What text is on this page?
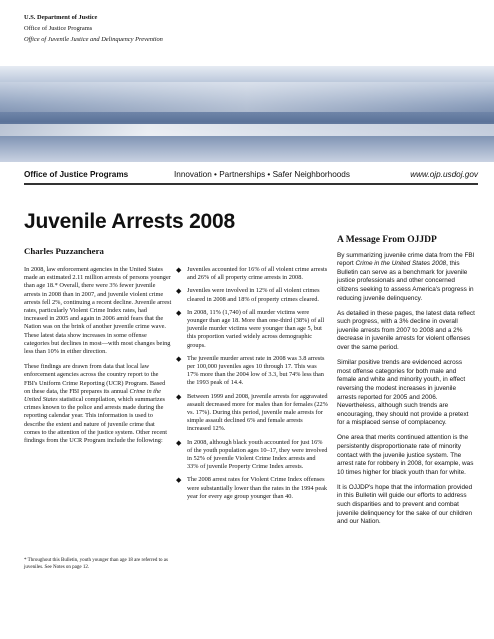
U.S. Department of Justice
Office of Justice Programs
Office of Juvenile Justice and Delinquency Prevention
Office of Justice Programs	Innovation • Partnerships • Safer Neighborhoods	www.ojp.usdoj.gov
Juvenile Arrests 2008
Charles Puzzanchera

In 2008, law enforcement agencies in the United States made an estimated 2.11 million arrests of persons younger than age 18.* Overall, there were 3% fewer juvenile arrests in 2008 than in 2007, and juvenile violent crime arrests fell 2%, continuing a recent decline. Juvenile arrest rates, particularly Violent Crime Index rates, had increased in 2005 and again in 2006 amid fears that the Nation was on the brink of another juvenile crime wave. These latest data show increases in some offense categories but declines in most—with most changes being less than 10% in either direction.

These findings are drawn from data that local law enforcement agencies across the country report to the FBI's Uniform Crime Reporting (UCR) Program. Based on these data, the FBI prepares its annual Crime in the United States statistical compilation, which summarizes crimes known to the police and arrests made during the reporting calendar year. This information is used to describe the extent and nature of juvenile crime that comes to the attention of the justice system. Other recent findings from the UCR Program include the following:

* Throughout this Bulletin, youth younger than age 18 are referred to as juveniles. See Notes on page 12.
◆ Juveniles accounted for 16% of all violent crime arrests and 26% of all property crime arrests in 2008.
◆ Juveniles were involved in 12% of all violent crimes cleared in 2008 and 18% of property crimes cleared.
◆ In 2008, 11% (1,740) of all murder victims were younger than age 18. More than one-third (38%) of all juvenile murder victims were younger than age 5, but this proportion varied widely across demographic groups.
◆ The juvenile murder arrest rate in 2008 was 3.8 arrests per 100,000 juveniles ages 10 through 17. This was 17% more than the 2004 low of 3.3, but 74% less than the 1993 peak of 14.4.
◆ Between 1999 and 2008, juvenile arrests for aggravated assault decreased more for males than for females (22% vs. 17%). During this period, juvenile male arrests for simple assault declined 6% and female arrests increased 12%.
◆ In 2008, although black youth accounted for just 16% of the youth population ages 10–17, they were involved in 52% of juvenile Violent Crime Index arrests and 33% of juvenile Property Crime Index arrests.
◆ The 2008 arrest rates for Violent Crime Index offenses were substantially lower than the rates in the 1994 peak year for every age group younger than 40.
A Message From OJJDP

By summarizing juvenile crime data from the FBI report Crime in the United States 2008, this Bulletin can serve as a benchmark for juvenile justice professionals and other concerned citizens seeking to assess America's progress in reducing juvenile delinquency.

As detailed in these pages, the latest data reflect such progress, with a 3% decline in overall juvenile arrests from 2007 to 2008 and a 2% decrease in juvenile arrests for violent offenses over the same period.

Similar positive trends are evidenced across most offense categories for both male and female and white and minority youth, in effect reversing the modest increases in juvenile arrests reported for 2005 and 2006. Nevertheless, although such trends are encouraging, they should not provide a pretext for a misplaced sense of complacency.

One area that merits continued attention is the persistently disproportionate rate of minority contact with the juvenile justice system. The arrest rate for robbery in 2008, for example, was 10 times higher for black youth than for white.

It is OJJDP's hope that the information provided in this Bulletin will guide our efforts to address such disparities and to prevent and combat juvenile delinquency for the sake of our children and our Nation.
